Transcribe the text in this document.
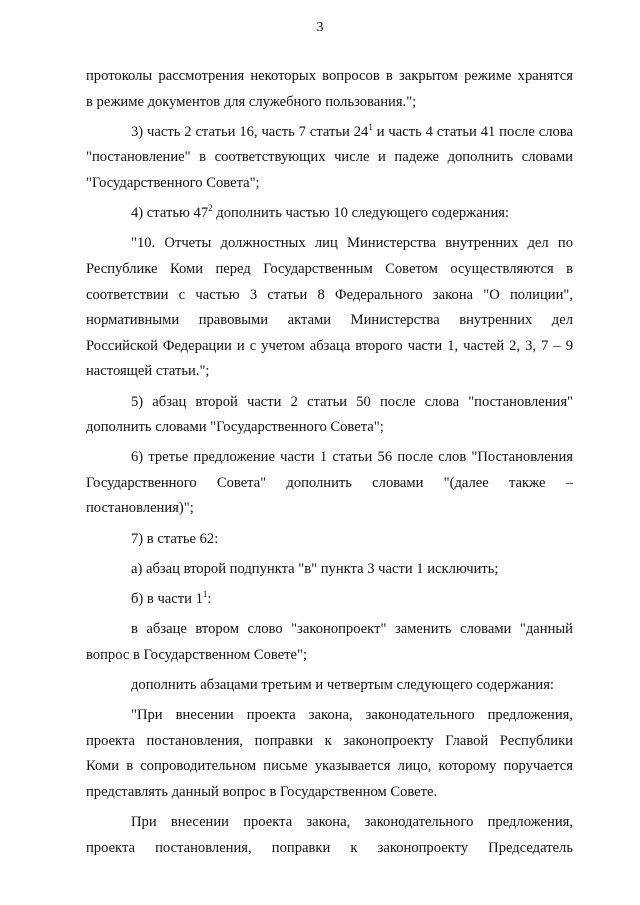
3
протоколы рассмотрения некоторых вопросов в закрытом режиме хранятся
в режиме документов для служебного пользования.";
3) часть 2 статьи 16, часть 7 статьи $24^1$ и часть 4 статьи 41 после слова
"постановление" в соответствующих числе и падеже дополнить словами
"Государственного Совета";
4) статью $47^2$ дополнить частью 10 следующего содержания:
"10. Отчеты должностных лиц Министерства внутренних дел по
Республике Коми перед Государственным Советом осуществляются в
соответствии с частью 3 статьи 8 Федерального закона "О полиции",
нормативными правовыми актами Министерства внутренних дел
Российской Федерации и с учетом абзаца второго части 1, частей 2, 3, 7 – 9
настоящей статьи.";
5) абзац второй части 2 статьи 50 после слова "постановления"
дополнить словами "Государственного Совета";
6) третье предложение части 1 статьи 56 после слов "Постановления
Государственного Совета" дополнить словами "(далее также –
постановления)";
7) в статье 62:
а) абзац второй подпункта "в" пункта 3 части 1 исключить;
б) в части $1^1$:
в абзаце втором слово "законопроект" заменить словами "данный
вопрос в Государственном Совете";
дополнить абзацами третьим и четвертым следующего содержания:
"При внесении проекта закона, законодательного предложения,
проекта постановления, поправки к законопроекту Главой Республики
Коми в сопроводительном письме указывается лицо, которому поручается
представлять данный вопрос в Государственном Совете.
При внесении проекта закона, законодательного предложения,
проекта постановления, поправки к законопроекту Председатель
